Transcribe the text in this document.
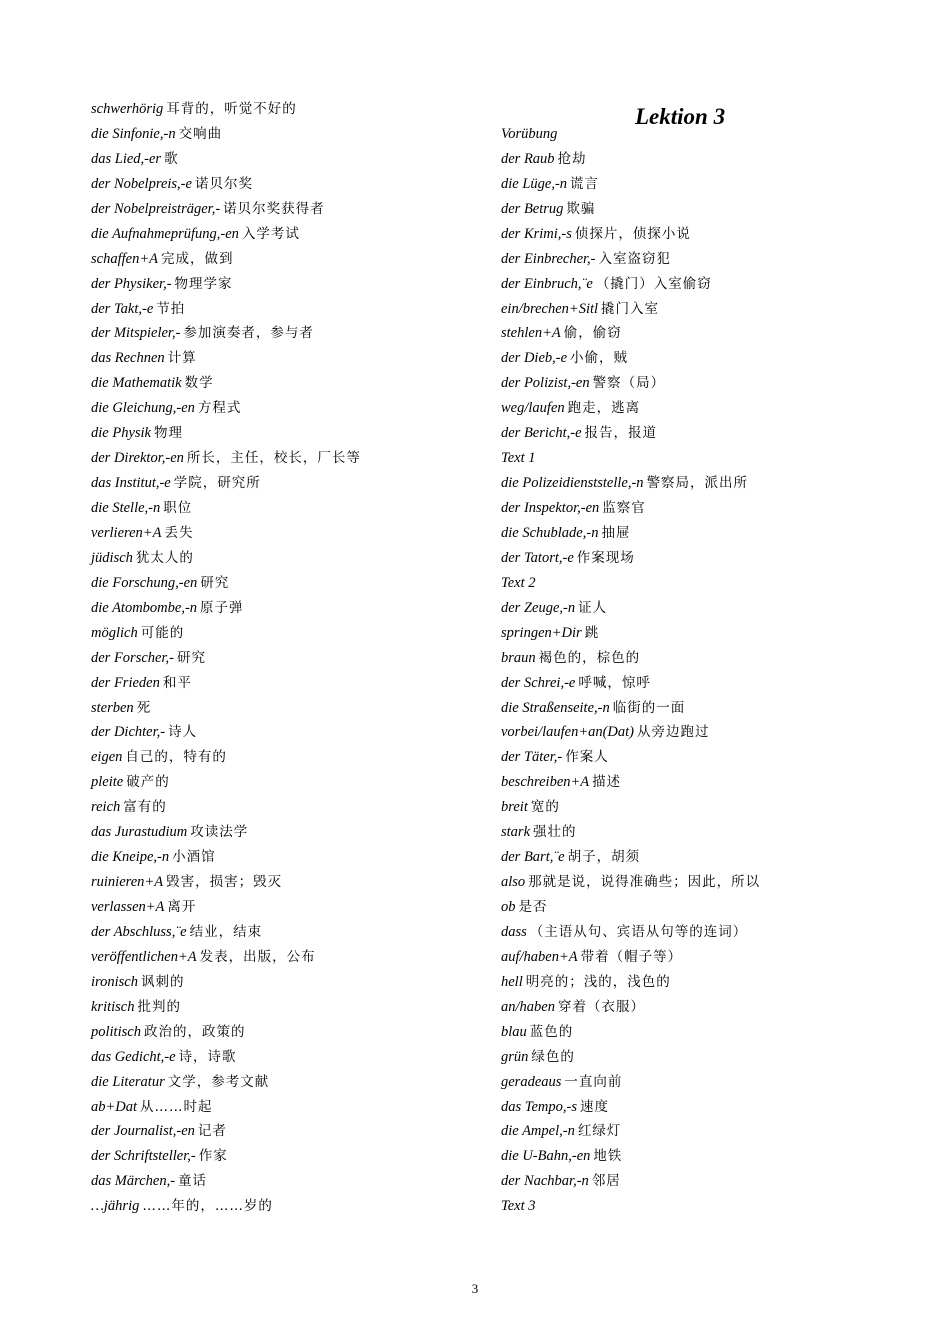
Lektion 3
schwerhörig 耳背的，听觉不好的
die Sinfonie,-n 交响曲
das Lied,-er 歌
der Nobelpreis,-e 诺贝尔奖
der Nobelpreisträger,- 诺贝尔奖获得者
die Aufnahmeprüfung,-en 入学考试
schaffen+A 完成，做到
der Physiker,- 物理学家
der Takt,-e 节拍
der Mitspieler,- 参加演奏者，参与者
das Rechnen 计算
die Mathematik 数学
die Gleichung,-en 方程式
die Physik 物理
der Direktor,-en 所长，主任，校长，厂长等
das Institut,-e 学院，研究所
die Stelle,-n 职位
verlieren+A 丢失
jüdisch 犹太人的
die Forschung,-en 研究
die Atombombe,-n 原子弹
möglich 可能的
der Forscher,- 研究
der Frieden 和平
sterben 死
der Dichter,- 诗人
eigen 自己的，特有的
pleite 破产的
reich 富有的
das Jurastudium 攻读法学
die Kneipe,-n 小酒馆
ruinieren+A 毁害，损害；毁灭
verlassen+A 离开
der Abschluss,¨e 结业，结束
veröffentlichen+A 发表，出版，公布
ironisch 讽刺的
kritisch 批判的
politisch 政治的，政策的
das Gedicht,-e 诗，诗歌
die Literatur 文学，参考文献
ab+Dat 从……时起
der Journalist,-en 记者
der Schriftsteller,- 作家
das Märchen,- 童话
…jährig ……年的，……岁的
Vorübung
der Raub 抢劫
die Lüge,-n 谎言
der Betrug 欺骗
der Krimi,-s 侦探片，侦探小说
der Einbrecher,- 入室盗窃犯
der Einbruch,¨e （撬门）入室偷窃
ein/brechen+Sitl 撬门入室
stehlen+A 偷，偷窃
der Dieb,-e 小偷，贼
der Polizist,-en 警察（局）
weg/laufen 跑走，逃离
der Bericht,-e 报告，报道
Text 1
die Polizeidienststelle,-n 警察局，派出所
der Inspektor,-en 监察官
die Schublade,-n 抽屉
der Tatort,-e 作案现场
Text 2
der Zeuge,-n 证人
springen+Dir 跳
braun 褐色的，棕色的
der Schrei,-e 呼喊，惊呼
die Straßenseite,-n 临街的一面
vorbei/laufen+an(Dat) 从旁边跑过
der Täter,- 作案人
beschreiben+A 描述
breit 宽的
stark 强壮的
der Bart,¨e 胡子，胡须
also 那就是说，说得准确些；因此，所以
ob 是否
dass （主语从句、宾语从句等的连词）
auf/haben+A 带着（帽子等）
hell 明亮的；浅的，浅色的
an/haben 穿着（衣服）
blau 蓝色的
grün 绿色的
geradeaus 一直向前
das Tempo,-s 速度
die Ampel,-n 红绿灯
die U-Bahn,-en 地铁
der Nachbar,-n 邻居
Text 3
3
